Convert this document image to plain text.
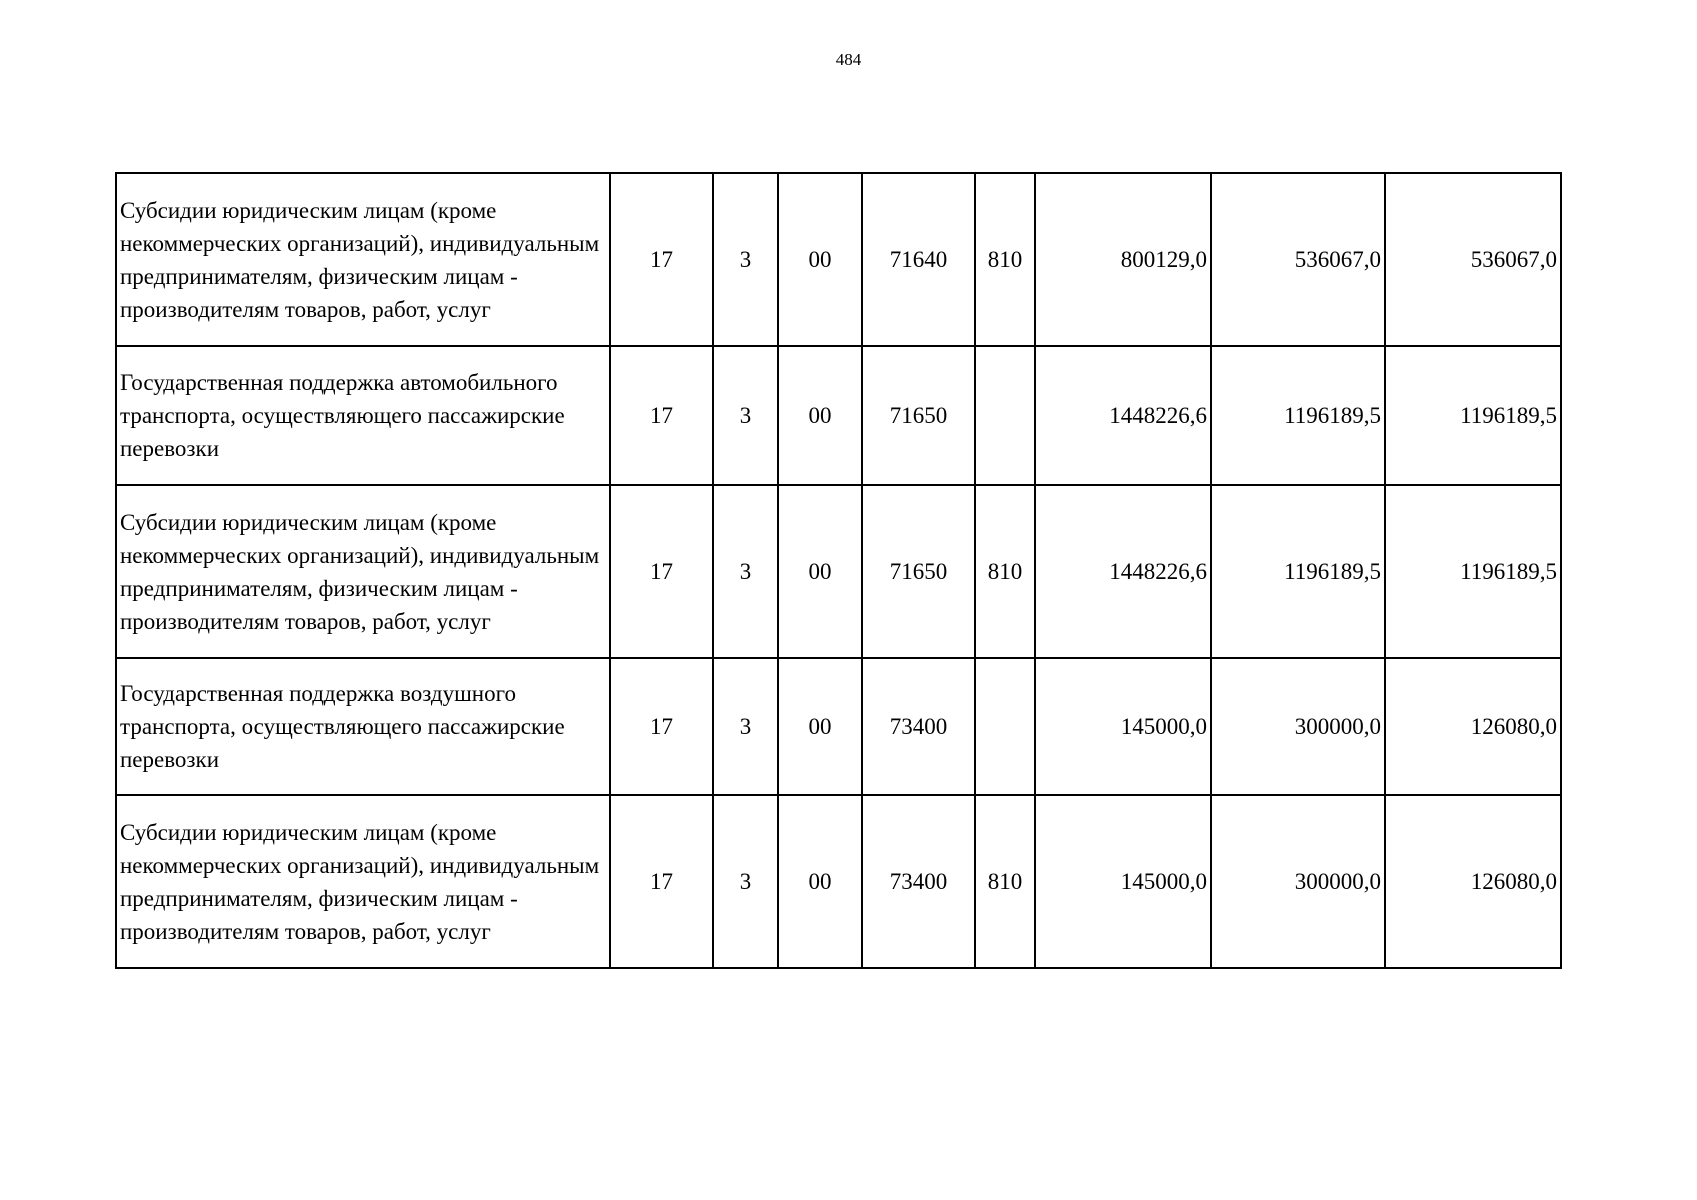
484
Субсидии юридическим лицам (кроме некоммерческих организаций), индивидуальным предпринимателям, физическим лицам - производителям товаров, работ, услуг	17	3	00	71640	810	800129,0	536067,0	536067,0
Государственная поддержка автомобильного транспорта, осуществляющего пассажирские перевозки	17	3	00	71650		1448226,6	1196189,5	1196189,5
Субсидии юридическим лицам (кроме некоммерческих организаций), индивидуальным предпринимателям, физическим лицам - производителям товаров, работ, услуг	17	3	00	71650	810	1448226,6	1196189,5	1196189,5
Государственная поддержка воздушного транспорта, осуществляющего пассажирские перевозки	17	3	00	73400		145000,0	300000,0	126080,0
Субсидии юридическим лицам (кроме некоммерческих организаций), индивидуальным предпринимателям, физическим лицам - производителям товаров, работ, услуг	17	3	00	73400	810	145000,0	300000,0	126080,0
